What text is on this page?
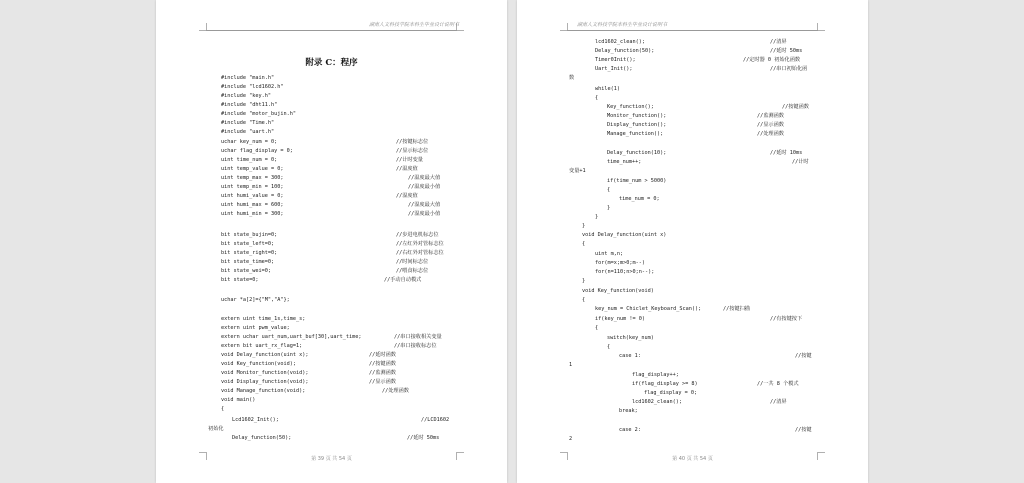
湖南人文科技学院本科生毕业设计说明书
附录 C：程序
#include "main.h"
#include "lcd1602.h"
#include "key.h"
#include "dht11.h"
#include "motor_bujin.h"
#include "Time.h"
#include "uart.h"
uchar key_num = 0;	//按键标志位
uchar flag_display = 0;	//显示标志位
uint time_num = 0;	//计时变量
uint temp_value = 0;	//温度值
uint temp_max = 300;	//温度最大值
uint temp_min = 100;	//温度最小值
uint humi_value = 0;	//湿度值
uint humi_max = 600;	//湿度最大值
uint humi_min = 300;	//湿度最小值
bit state_bujin=0;	//步进电机标志位
bit state_left=0;	//左红外对管标志位
bit state_right=0;	//右红外对管标志位
bit state_time=0;	//时间标志位
bit state_wei=0;	//喂食标志位
bit state=0;	//手动自动模式
uchar *a[2]={"M","A"};
extern uint time_1s,time_s;
extern uint pwm_value;
extern uchar uart_num,uart_buf[30],uart_time;	//串口接收相关变量
extern bit uart_rx_flag=1;	//串口接收标志位
void Delay_function(uint x);	//延时函数
void Key_function(void);	//按键函数
void Monitor_function(void);	//监测函数
void Display_function(void);	//显示函数
void Manage_function(void);	//处理函数
void main()
{
Lcd1602_Init();	//LCD1602
初始化
Delay_function(50);	//延时 50ms
第 39 页 共 54 页
湖南人文科技学院本科生毕业设计说明书
lcd1602_clean();	//清屏
Delay_function(50);	//延时 50ms
Timer0Init();	//定时器 0 初始化函数
Uart_Init();	//串口初始化函
数
while(1)
{
Key_function();	//按键函数
Monitor_function();	//监测函数
Display_function();	//显示函数
Manage_function();	//处理函数
Delay_function(10);	//延时 10ms
time_num++;	//计时
变量+1
if(time_num > 5000)
{
time_num = 0;
}
}
}
void Delay_function(uint x)
{
uint m,n;
for(m=x;m>0;m--)
for(n=110;n>0;n--);
}
void Key_function(void)
{
key_num = Chiclet_Keyboard_Scan();	//按键扫描
if(key_num != 0)	//有按键按下
{
switch(key_num)
{
case 1:	//按键
1
flag_display++;
if(flag_display >= 8)	//一共 8 个模式
flag_display = 0;
lcd1602_clean();	//清屏
break;
case 2:	//按键
2
第 40 页 共 54 页
